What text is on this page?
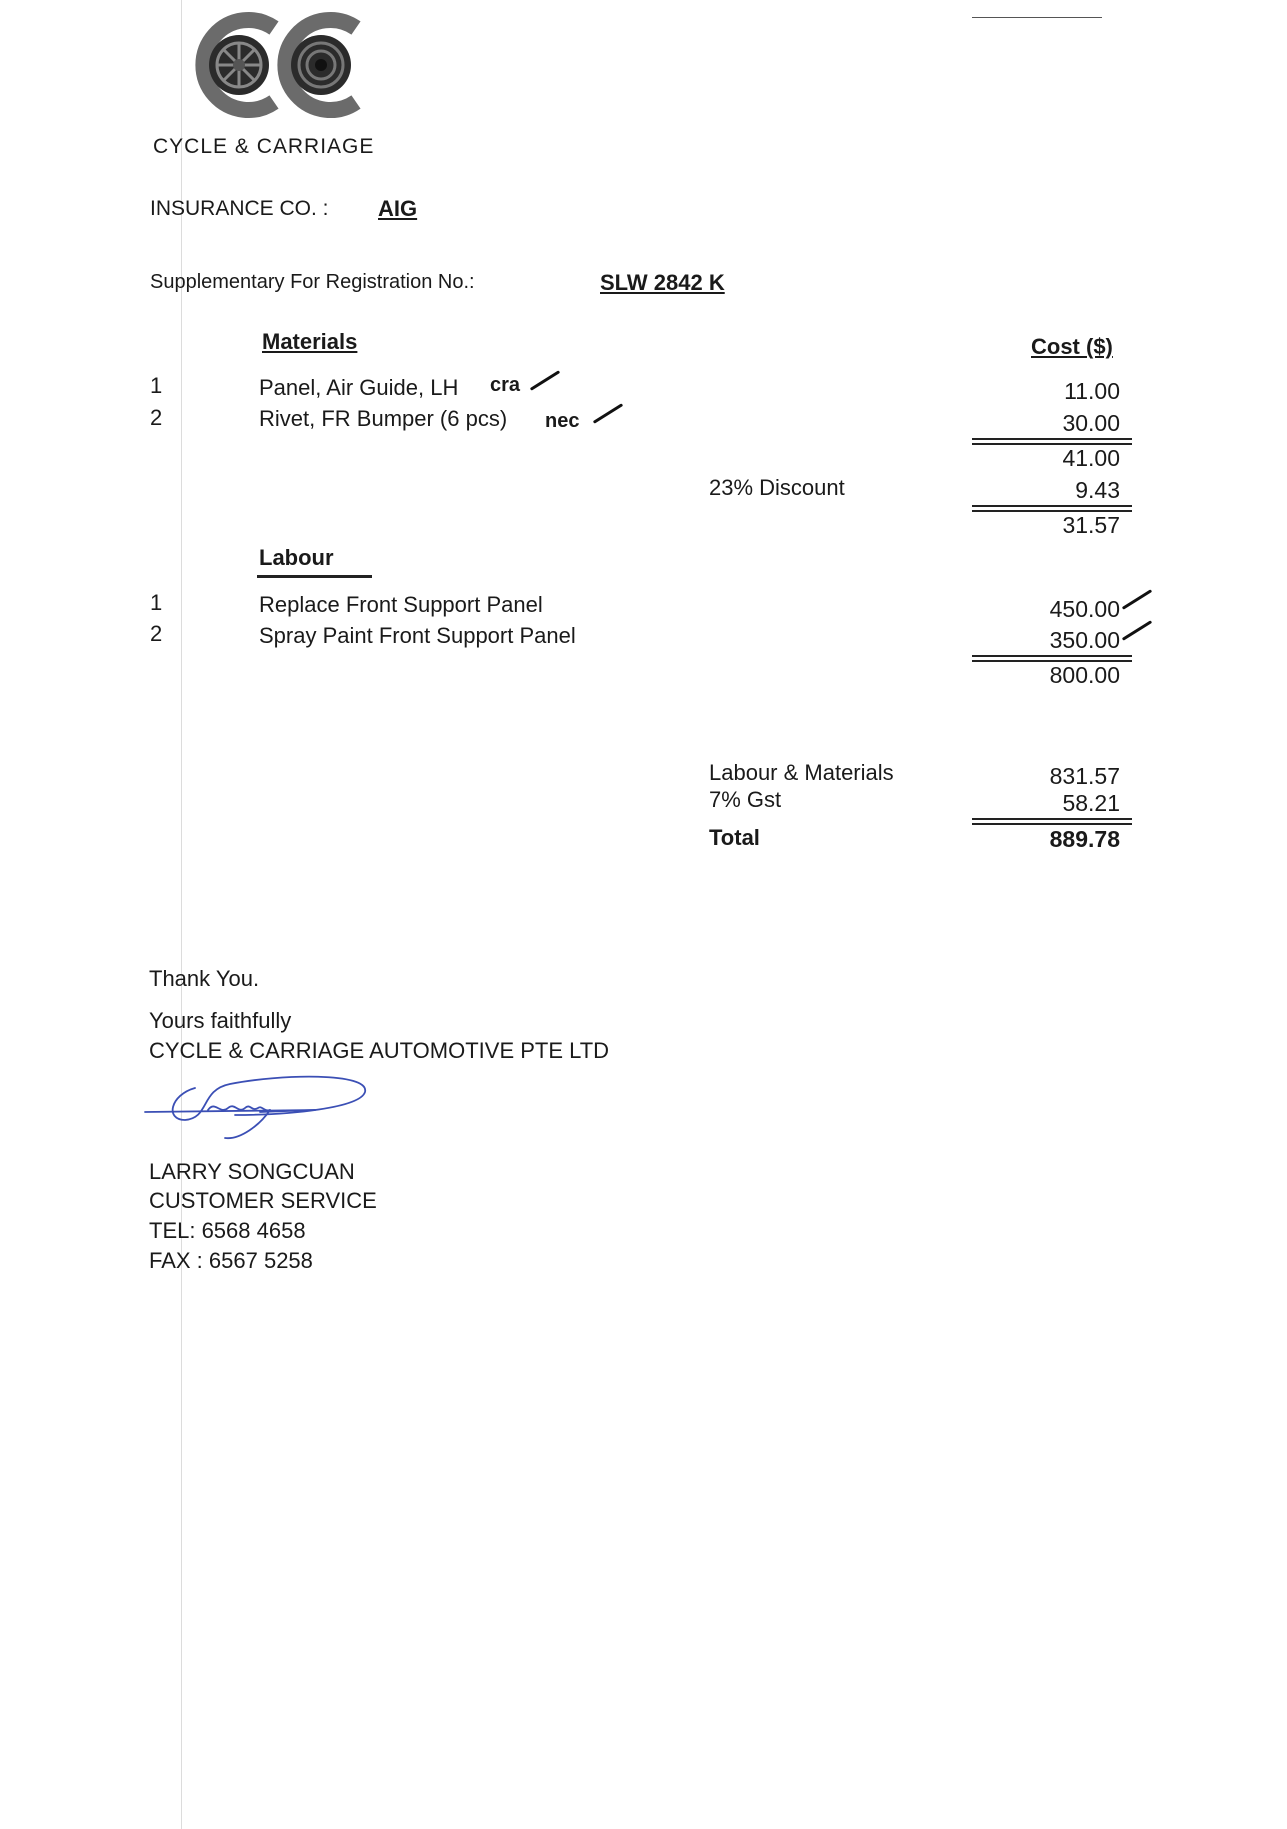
CYCLE & CARRIAGE
INSURANCE CO. : AIG
Supplementary For Registration No.:	SLW 2842 K
Materials	Cost ($)
1	Panel, Air Guide, LH cra	11.00
2	Rivet, FR Bumper (6 pcs) nec	30.00
41.00
23% Discount	9.43
31.57
Labour
1	Replace Front Support Panel	450.00
2	Spray Paint Front Support Panel	350.00
800.00
Labour & Materials	831.57
7% Gst	58.21
Total	889.78
Thank You.
Yours faithfully
CYCLE & CARRIAGE AUTOMOTIVE PTE LTD
LARRY SONGCUAN
CUSTOMER SERVICE
TEL: 6568 4658
FAX : 6567 5258
